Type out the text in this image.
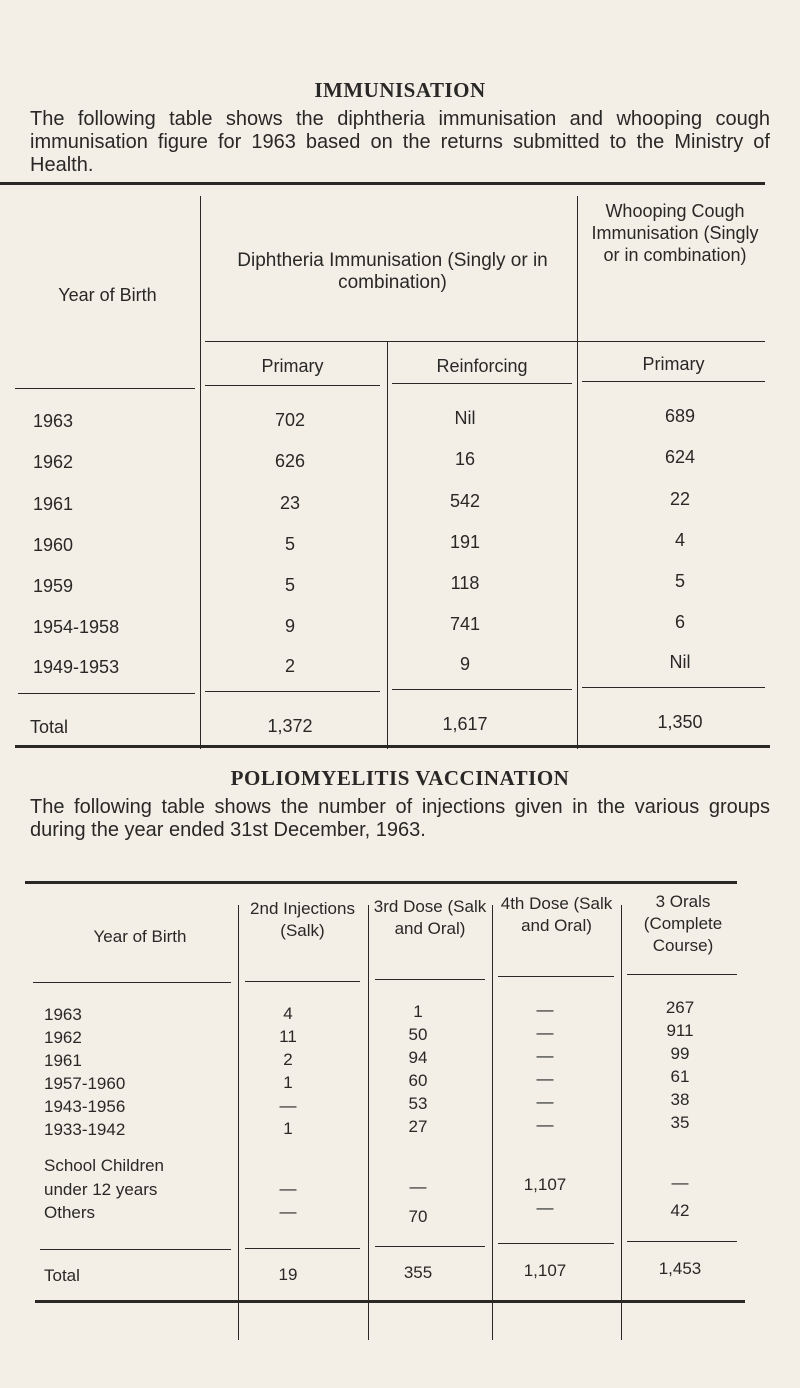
IMMUNISATION
The following table shows the diphtheria immunisation and whooping cough immunisation figure for 1963 based on the returns submitted to the Ministry of Health.
Year of Birth
Diphtheria Immunisation (Singly or in combination)
Whooping Cough Immunisation (Singly or in combination)
Primary	Reinforcing	Primary
1963	702	Nil	689
1962	626	16	624
1961	23	542	22
1960	5	191	4
1959	5	118	5
1954-1958	9	741	6
1949-1953	2	9	Nil
Total	1,372	1,617	1,350
POLIOMYELITIS VACCINATION
The following table shows the number of injections given in the various groups during the year ended 31st December, 1963.
Year of Birth
2nd Injections (Salk)
3rd Dose (Salk and Oral)
4th Dose (Salk and Oral)
3 Orals (Complete Course)
1963	4	1	—	267
1962	11	50	—	911
1961	2	94	—	99
1957-1960	1	60	—	61
1943-1956	—	53	—	38
1933-1942	1	27	—	35
School Children
under 12 years	—	—	1,107	—
Others	—	70	—	42
Total	19	355	1,107	1,453
